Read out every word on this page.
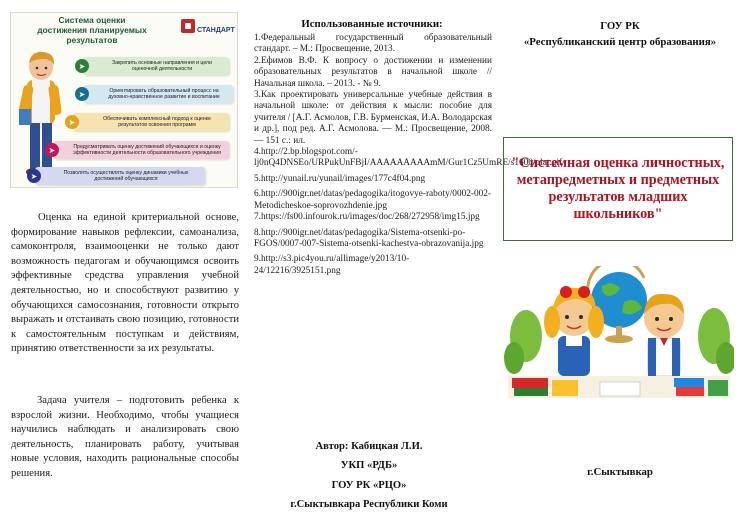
Система оценки достижения планируемых результатов
СТАНДАРТ
Закрепить основные направления и цели оценочной деятельности
➤
Ориентировать образовательный процесс на духовно-нравственное развитие и воспитание
➤
Обеспечивать комплексный подход к оценке результатов освоения программ
➤
Предусматривать оценку достижений обучающихся и оценку эффективности деятельности образовательного учреждения
➤
Позволять осуществлять оценку динамики учебных достижений обучающихся
➤
Оценка на единой критериальной основе, формирование навыков рефлексии, самоанализа, самоконтроля, взаимооценки не только дают возможность педагогам и обучающимся освоить эффективные средства управления учебной деятельностью, но и способствуют развитию у обучающихся самосознания, готовности открыто выражать и отстаивать свою позицию, готовности к самостоятельным поступкам и действиям, принятию ответственности за их результаты.
Задача учителя – подготовить ребенка к взрослой жизни. Необходимо, чтобы учащиеся научились наблюдать и анализировать свою деятельность, планировать работу, учитывая новые условия, находить рациональные способы решения.
Использованные источники:
1.Федеральный государственный образовательный стандарт. – М.: Просвещение, 2013.
2.Ефимов В.Ф. К вопросу о достижении и изменении образовательных результатов в начальной школе // Начальная школа. – 2013. - № 9.
3.Как проектировать универсальные учебные действия в начальной школе: от действия к мысли: пособие для учителя / [А.Г. Асмолов, Г.В. Бурменская, И.А. Володарская и др.], под ред. А.Г. Асмолова. — М.: Просвещение, 2008. — 151 с.: ил.
4.http://2.bp.blogspot.com/-lj0nQ4DNSEo/URPukUnFBjI/AAAAAAAAAmM/Gur1Cz5UmRE/s1600/plat.gif
5.http://yunail.ru/yunail/images/177c4f04.png
6.http://900igr.net/datas/pedagogika/itogovye-raboty/0002-002-Metodicheskoe-soprovozhdenie.jpg
7.https://fs00.infourok.ru/images/doc/268/272958/img15.jpg
8.http://900igr.net/datas/pedagogika/Sistema-otsenki-po-FGOS/0007-007-Sistema-otsenki-kachestva-obrazovanija.jpg
9.http://s3.pic4you.ru/allimage/y2013/10-24/12216/3925151.png
Автор: Кабицкая Л.И.
УКП «РДБ»
ГОУ РК «РЦО»
г.Сыктывкара Республики Коми
ГОУ РК
«Республиканский центр образования»
"Системная оценка личностных, метапредметных и предметных результатов младших школьников"
г.Сыктывкар
